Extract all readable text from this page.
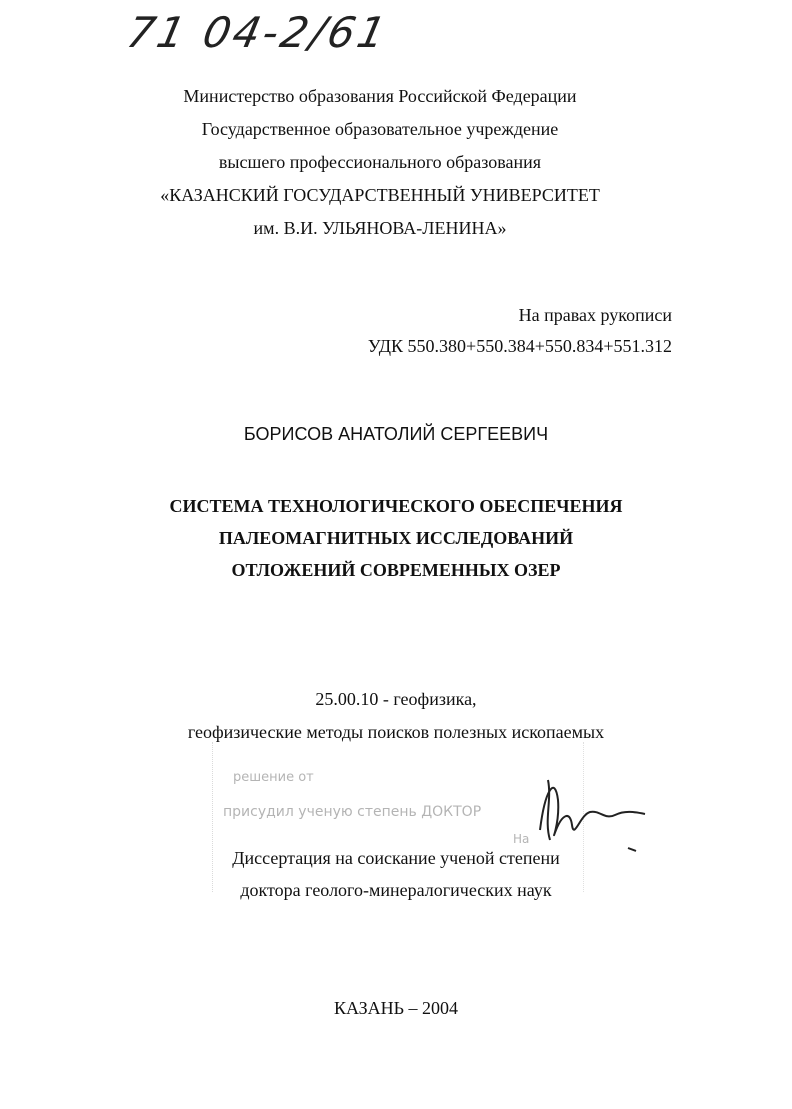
71 04-2/61
Министерство образования Российской Федерации
Государственное образовательное учреждение
высшего профессионального образования
«КАЗАНСКИЙ ГОСУДАРСТВЕННЫЙ УНИВЕРСИТЕТ
им. В.И. УЛЬЯНОВА-ЛЕНИНА»
На правах рукописи
УДК 550.380+550.384+550.834+551.312
БОРИСОВ АНАТОЛИЙ СЕРГЕЕВИЧ
СИСТЕМА ТЕХНОЛОГИЧЕСКОГО ОБЕСПЕЧЕНИЯ
ПАЛЕОМАГНИТНЫХ ИССЛЕДОВАНИЙ
ОТЛОЖЕНИЙ СОВРЕМЕННЫХ ОЗЕР
25.00.10 - геофизика,
геофизические методы поисков полезных ископаемых
решение от
присудил ученую степень ДОКТОР
На
Диссертация на соискание ученой степени
доктора геолого-минералогических наук
КАЗАНЬ – 2004
